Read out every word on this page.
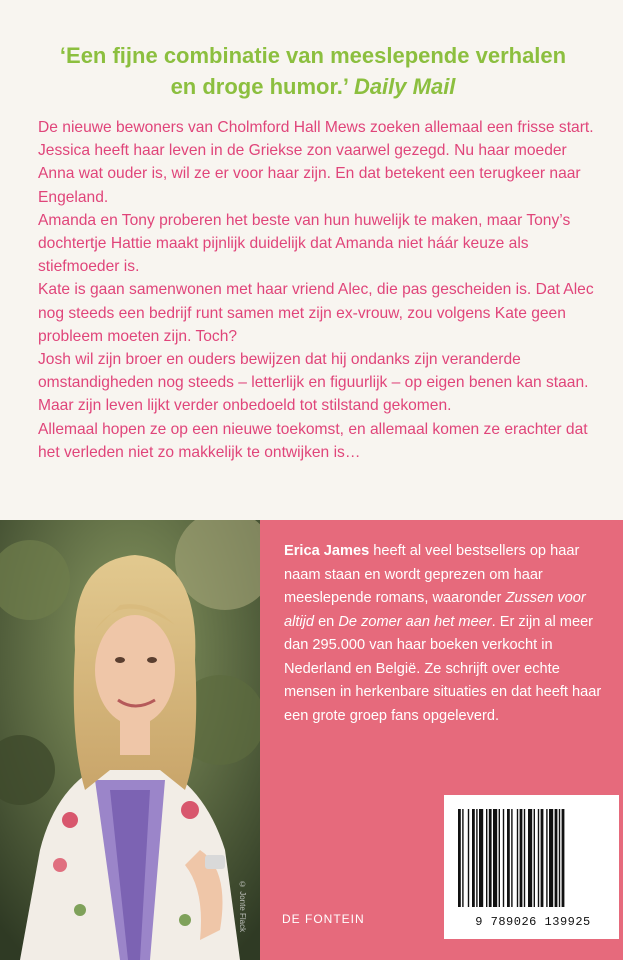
‘Een fijne combinatie van meeslepende verhalen
en droge humor.’ Daily Mail

De nieuwe bewoners van Cholmford Hall Mews zoeken allemaal een frisse start.

Jessica heeft haar leven in de Griekse zon vaarwel gezegd. Nu haar moeder Anna wat ouder is, wil ze er voor haar zijn. En dat betekent een terugkeer naar Engeland.

Amanda en Tony proberen het beste van hun huwelijk te maken, maar Tony’s dochtertje Hattie maakt pijnlijk duidelijk dat Amanda niet háár keuze als stiefmoeder is.

Kate is gaan samenwonen met haar vriend Alec, die pas gescheiden is. Dat Alec nog steeds een bedrijf runt samen met zijn ex-vrouw, zou volgens Kate geen probleem moeten zijn. Toch?

Josh wil zijn broer en ouders bewijzen dat hij ondanks zijn veranderde omstandigheden nog steeds – letterlijk en figuurlijk – op eigen benen kan staan. Maar zijn leven lijkt verder onbedoeld tot stilstand gekomen.

Allemaal hopen ze op een nieuwe toekomst, en allemaal komen ze erachter dat het verleden niet zo makkelijk te ontwijken is…

© Jonte Flack
Erica James heeft al veel bestsellers op haar naam staan en wordt geprezen om haar meeslepende romans, waaronder Zussen voor altijd en De zomer aan het meer. Er zijn al meer dan 295.000 van haar boeken verkocht in Nederland en België. Ze schrijft over echte mensen in herkenbare situaties en dat heeft haar een grote groep fans opgeleverd.
DE FONTEIN	9 789026 139925
